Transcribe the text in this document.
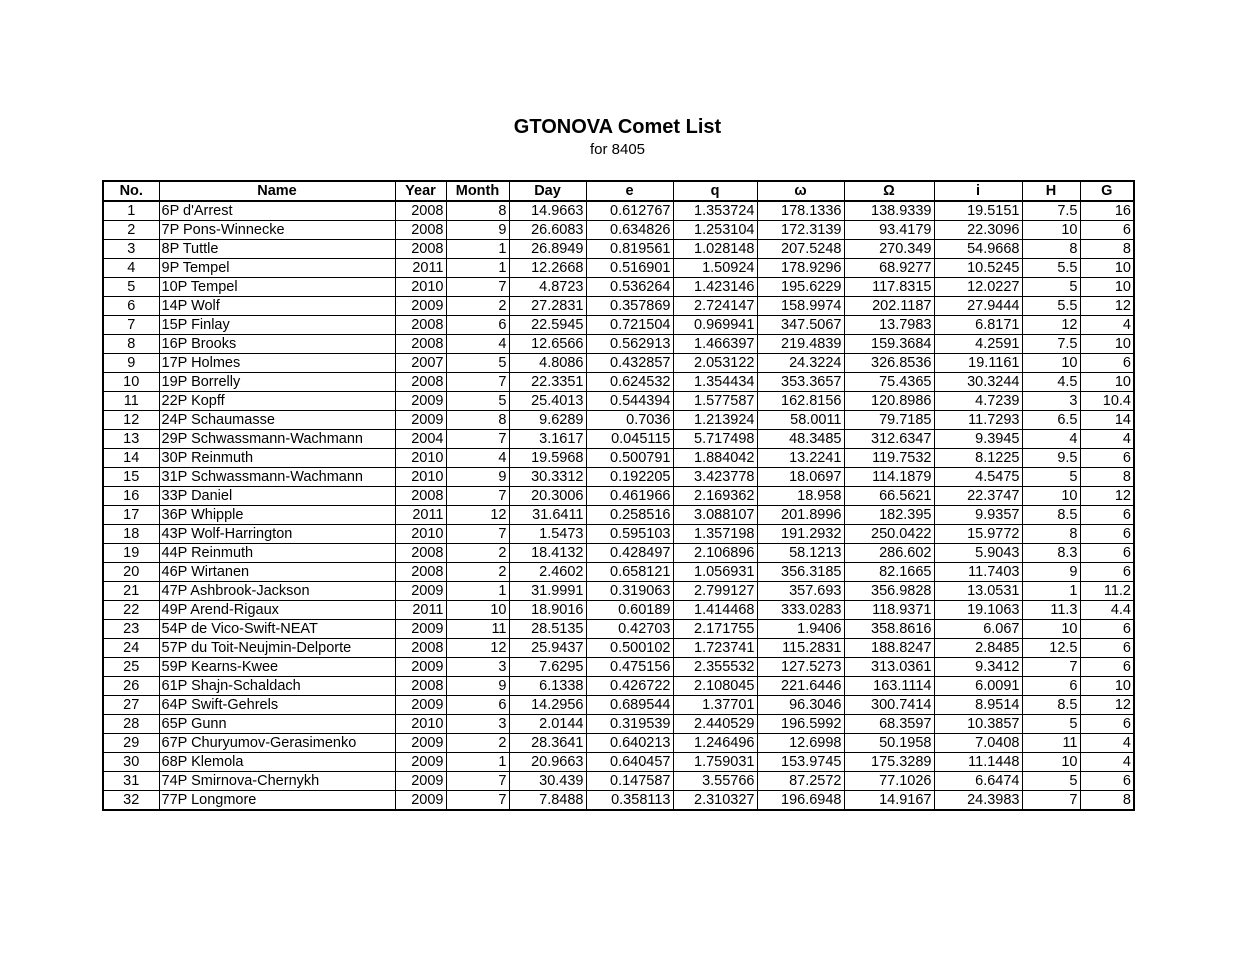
GTONOVA Comet List
for 8405
No.	Name	Year	Month	Day	e	q	ω	Ω	i	H	G
1	6P d'Arrest	2008	8	14.9663	0.612767	1.353724	178.1336	138.9339	19.5151	7.5	16
2	7P Pons-Winnecke	2008	9	26.6083	0.634826	1.253104	172.3139	93.4179	22.3096	10	6
3	8P Tuttle	2008	1	26.8949	0.819561	1.028148	207.5248	270.349	54.9668	8	8
4	9P Tempel	2011	1	12.2668	0.516901	1.50924	178.9296	68.9277	10.5245	5.5	10
5	10P Tempel	2010	7	4.8723	0.536264	1.423146	195.6229	117.8315	12.0227	5	10
6	14P Wolf	2009	2	27.2831	0.357869	2.724147	158.9974	202.1187	27.9444	5.5	12
7	15P Finlay	2008	6	22.5945	0.721504	0.969941	347.5067	13.7983	6.8171	12	4
8	16P Brooks	2008	4	12.6566	0.562913	1.466397	219.4839	159.3684	4.2591	7.5	10
9	17P Holmes	2007	5	4.8086	0.432857	2.053122	24.3224	326.8536	19.1161	10	6
10	19P Borrelly	2008	7	22.3351	0.624532	1.354434	353.3657	75.4365	30.3244	4.5	10
11	22P Kopff	2009	5	25.4013	0.544394	1.577587	162.8156	120.8986	4.7239	3	10.4
12	24P Schaumasse	2009	8	9.6289	0.7036	1.213924	58.0011	79.7185	11.7293	6.5	14
13	29P Schwassmann-Wachmann	2004	7	3.1617	0.045115	5.717498	48.3485	312.6347	9.3945	4	4
14	30P Reinmuth	2010	4	19.5968	0.500791	1.884042	13.2241	119.7532	8.1225	9.5	6
15	31P Schwassmann-Wachmann	2010	9	30.3312	0.192205	3.423778	18.0697	114.1879	4.5475	5	8
16	33P Daniel	2008	7	20.3006	0.461966	2.169362	18.958	66.5621	22.3747	10	12
17	36P Whipple	2011	12	31.6411	0.258516	3.088107	201.8996	182.395	9.9357	8.5	6
18	43P Wolf-Harrington	2010	7	1.5473	0.595103	1.357198	191.2932	250.0422	15.9772	8	6
19	44P Reinmuth	2008	2	18.4132	0.428497	2.106896	58.1213	286.602	5.9043	8.3	6
20	46P Wirtanen	2008	2	2.4602	0.658121	1.056931	356.3185	82.1665	11.7403	9	6
21	47P Ashbrook-Jackson	2009	1	31.9991	0.319063	2.799127	357.693	356.9828	13.0531	1	11.2
22	49P Arend-Rigaux	2011	10	18.9016	0.60189	1.414468	333.0283	118.9371	19.1063	11.3	4.4
23	54P de Vico-Swift-NEAT	2009	11	28.5135	0.42703	2.171755	1.9406	358.8616	6.067	10	6
24	57P du Toit-Neujmin-Delporte	2008	12	25.9437	0.500102	1.723741	115.2831	188.8247	2.8485	12.5	6
25	59P Kearns-Kwee	2009	3	7.6295	0.475156	2.355532	127.5273	313.0361	9.3412	7	6
26	61P Shajn-Schaldach	2008	9	6.1338	0.426722	2.108045	221.6446	163.1114	6.0091	6	10
27	64P Swift-Gehrels	2009	6	14.2956	0.689544	1.37701	96.3046	300.7414	8.9514	8.5	12
28	65P Gunn	2010	3	2.0144	0.319539	2.440529	196.5992	68.3597	10.3857	5	6
29	67P Churyumov-Gerasimenko	2009	2	28.3641	0.640213	1.246496	12.6998	50.1958	7.0408	11	4
30	68P Klemola	2009	1	20.9663	0.640457	1.759031	153.9745	175.3289	11.1448	10	4
31	74P Smirnova-Chernykh	2009	7	30.439	0.147587	3.55766	87.2572	77.1026	6.6474	5	6
32	77P Longmore	2009	7	7.8488	0.358113	2.310327	196.6948	14.9167	24.3983	7	8
